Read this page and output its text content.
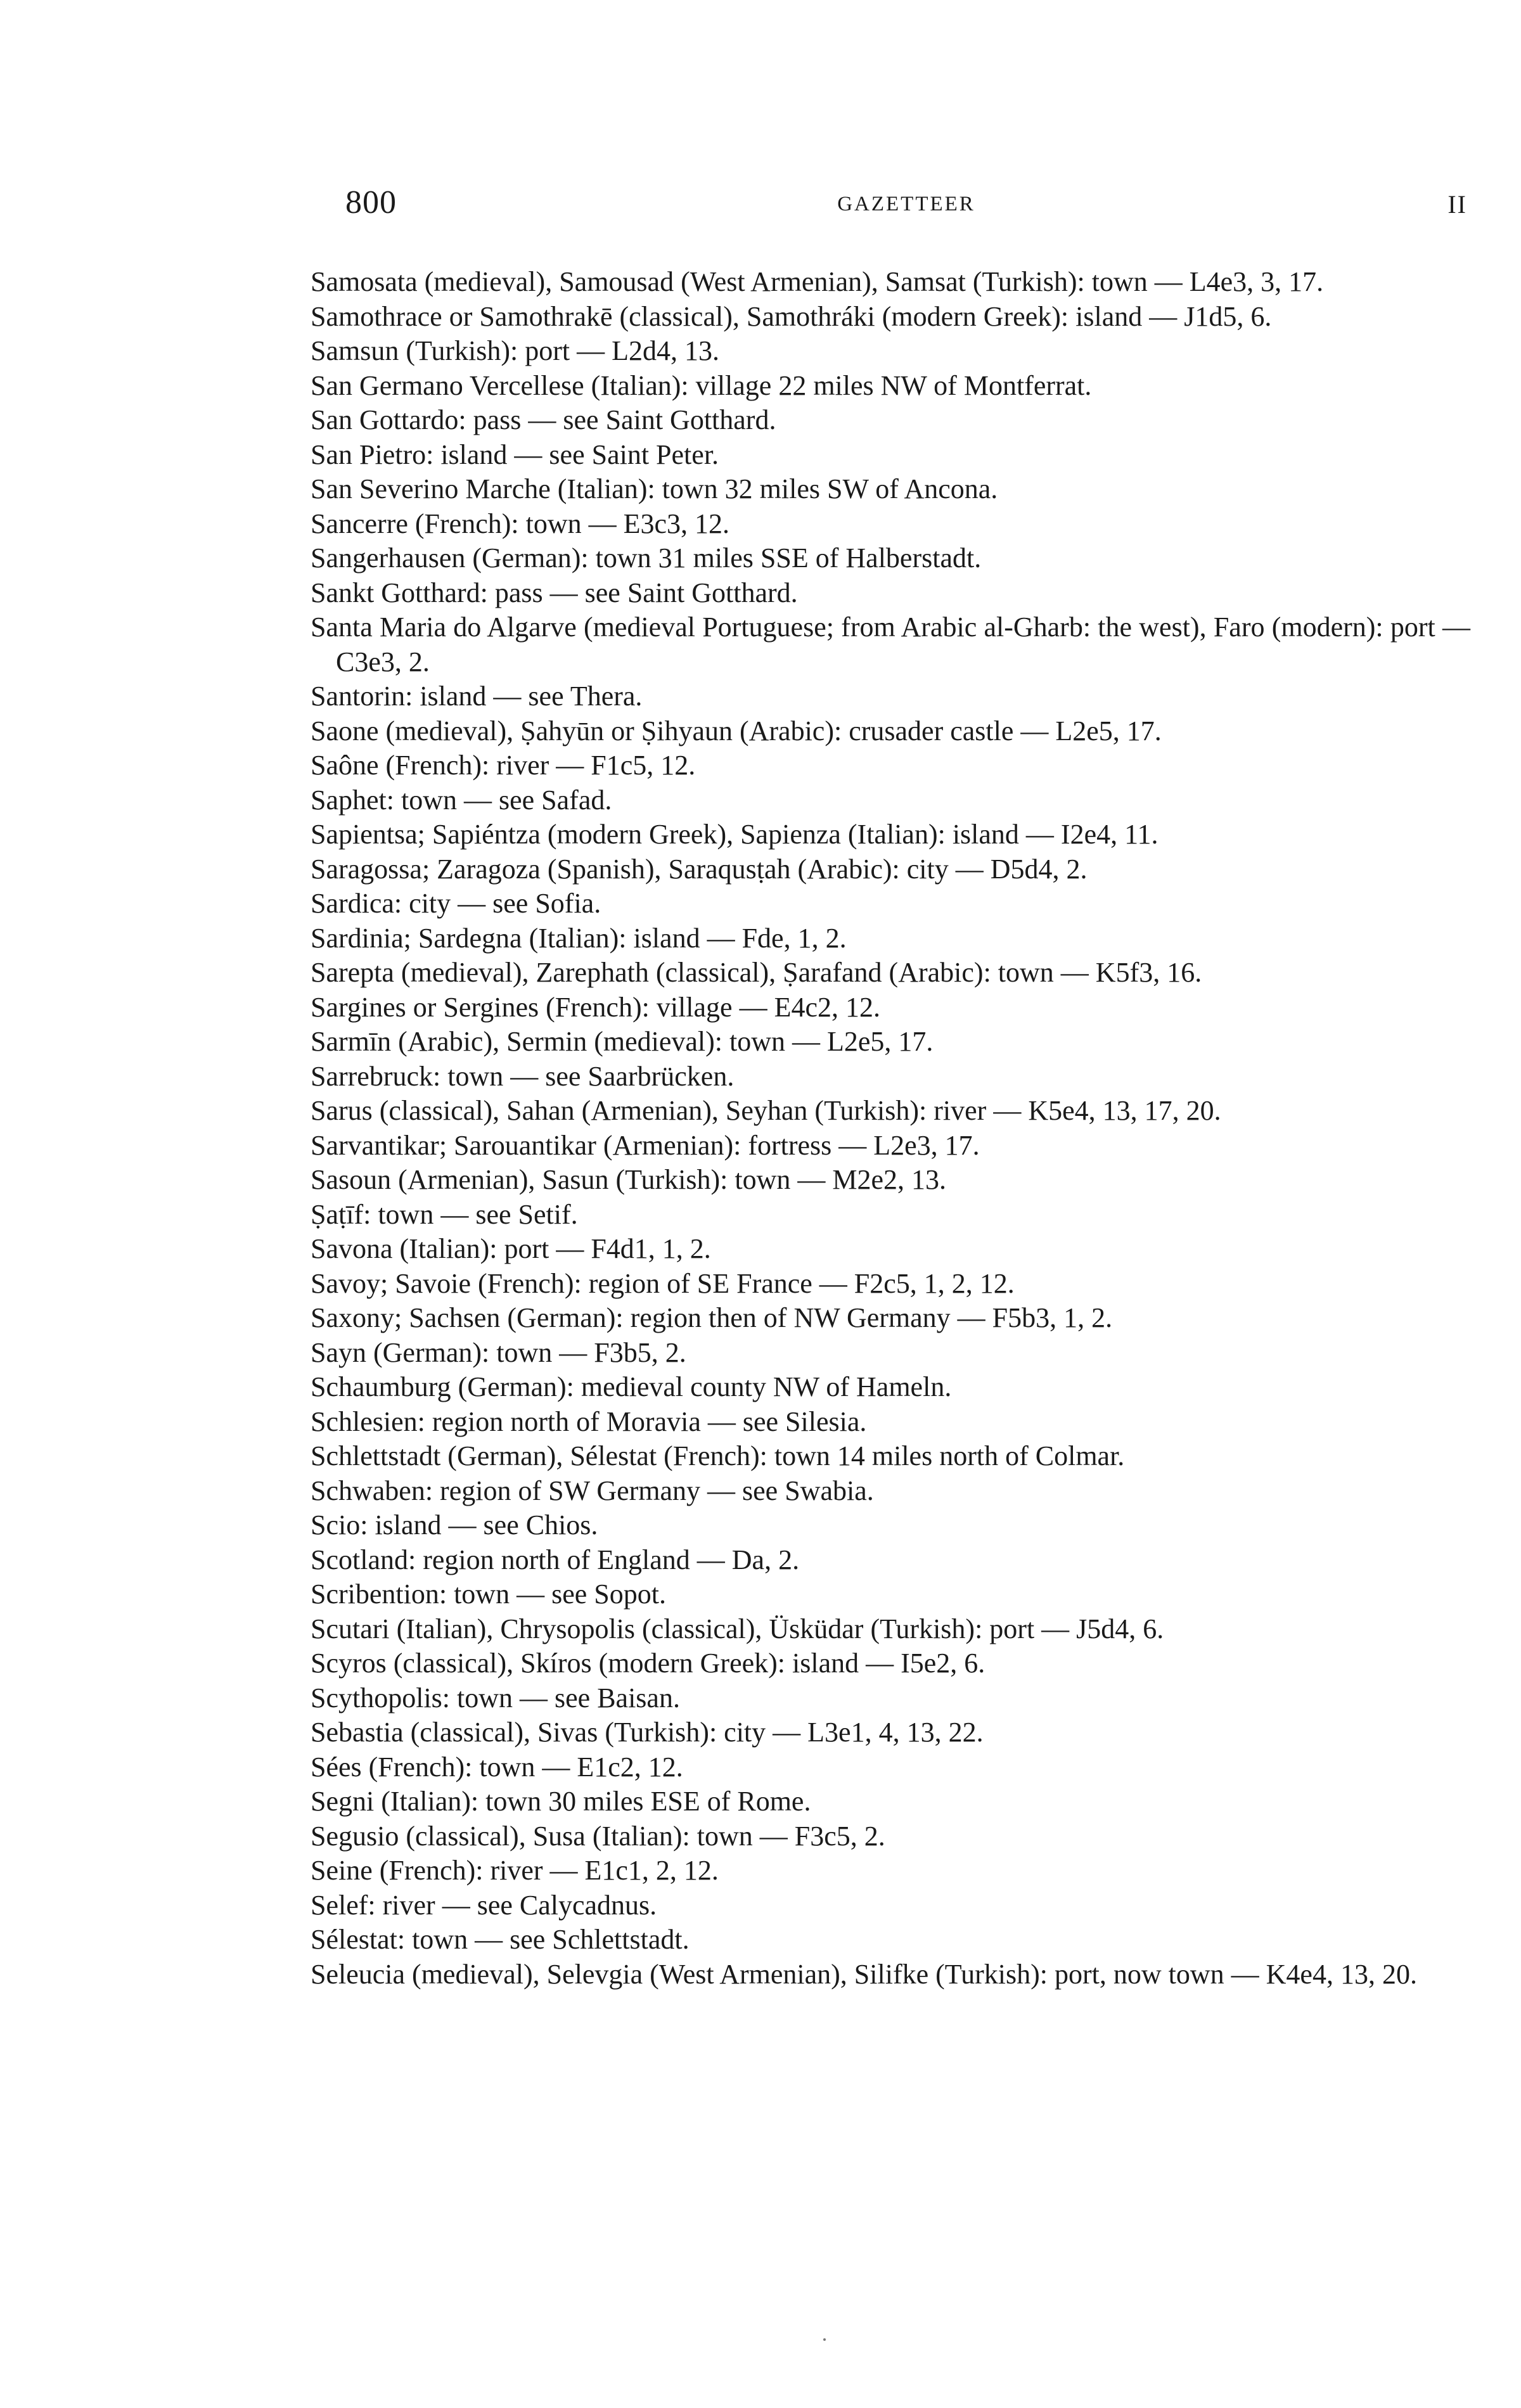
800	GAZETTEER	II
Samosata (medieval), Samousad (West Armenian), Samsat (Turkish): town — L4e3, 3, 17.
Samothrace or Samothrakē (classical), Samothráki (modern Greek): island — J1d5, 6.
Samsun (Turkish): port — L2d4, 13.
San Germano Vercellese (Italian): village 22 miles NW of Montferrat.
San Gottardo: pass — see Saint Gotthard.
San Pietro: island — see Saint Peter.
San Severino Marche (Italian): town 32 miles SW of Ancona.
Sancerre (French): town — E3c3, 12.
Sangerhausen (German): town 31 miles SSE of Halberstadt.
Sankt Gotthard: pass — see Saint Gotthard.
Santa Maria do Algarve (medieval Portuguese; from Arabic al-Gharb: the west), Faro (modern): port — C3e3, 2.
Santorin: island — see Thera.
Saone (medieval), Ṣahyūn or Ṣihyaun (Arabic): crusader castle — L2e5, 17.
Saône (French): river — F1c5, 12.
Saphet: town — see Safad.
Sapientsa; Sapiéntza (modern Greek), Sapienza (Italian): island — I2e4, 11.
Saragossa; Zaragoza (Spanish), Saraqusṭah (Arabic): city — D5d4, 2.
Sardica: city — see Sofia.
Sardinia; Sardegna (Italian): island — Fde, 1, 2.
Sarepta (medieval), Zarephath (classical), Ṣarafand (Arabic): town — K5f3, 16.
Sargines or Sergines (French): village — E4c2, 12.
Sarmīn (Arabic), Sermin (medieval): town — L2e5, 17.
Sarrebruck: town — see Saarbrücken.
Sarus (classical), Sahan (Armenian), Seyhan (Turkish): river — K5e4, 13, 17, 20.
Sarvantikar; Sarouantikar (Armenian): fortress — L2e3, 17.
Sasoun (Armenian), Sasun (Turkish): town — M2e2, 13.
Ṣaṭīf: town — see Setif.
Savona (Italian): port — F4d1, 1, 2.
Savoy; Savoie (French): region of SE France — F2c5, 1, 2, 12.
Saxony; Sachsen (German): region then of NW Germany — F5b3, 1, 2.
Sayn (German): town — F3b5, 2.
Schaumburg (German): medieval county NW of Hameln.
Schlesien: region north of Moravia — see Silesia.
Schlettstadt (German), Sélestat (French): town 14 miles north of Colmar.
Schwaben: region of SW Germany — see Swabia.
Scio: island — see Chios.
Scotland: region north of England — Da, 2.
Scribention: town — see Sopot.
Scutari (Italian), Chrysopolis (classical), Üsküdar (Turkish): port — J5d4, 6.
Scyros (classical), Skíros (modern Greek): island — I5e2, 6.
Scythopolis: town — see Baisan.
Sebastia (classical), Sivas (Turkish): city — L3e1, 4, 13, 22.
Sées (French): town — E1c2, 12.
Segni (Italian): town 30 miles ESE of Rome.
Segusio (classical), Susa (Italian): town — F3c5, 2.
Seine (French): river — E1c1, 2, 12.
Selef: river — see Calycadnus.
Sélestat: town — see Schlettstadt.
Seleucia (medieval), Selevgia (West Armenian), Silifke (Turkish): port, now town — K4e4, 13, 20.
